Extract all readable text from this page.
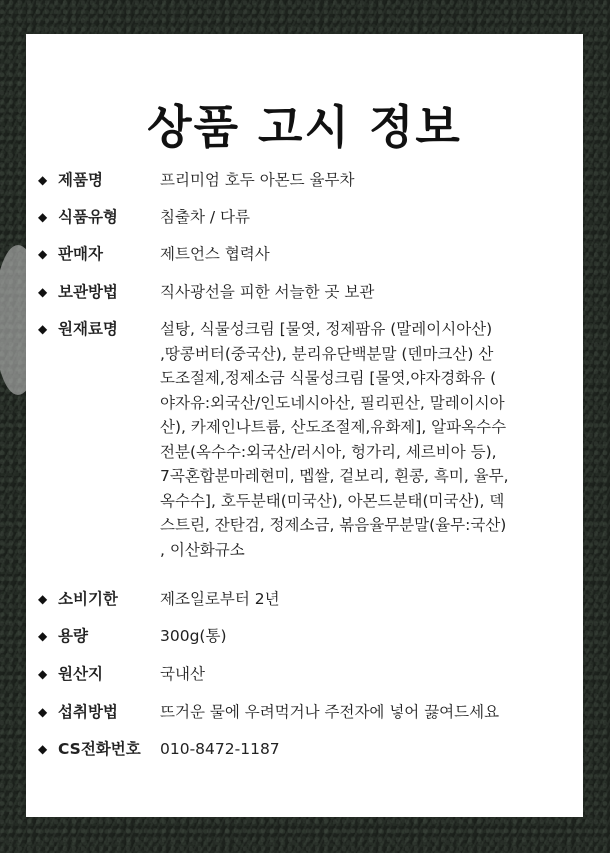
상품 고시 정보
◆ 제품명	프리미엄 호두 아몬드 율무차
◆ 식품유형	침출차 / 다류
◆ 판매자	제트언스 협력사
◆ 보관방법	직사광선을 피한 서늘한 곳 보관
◆ 원재료명	설탕, 식물성크림 [물엿, 정제팜유 (말레이시아산)
,땅콩버터(중국산), 분리유단백분말 (덴마크산) 산
도조절제,정제소금 식물성크림 [물엿,야자경화유 (
야자유:외국산/인도네시아산, 필리핀산, 말레이시아
산), 카제인나트륨, 산도조절제,유화제], 알파옥수수
전분(옥수수:외국산/러시아, 헝가리, 세르비아 등),
7곡혼합분마레현미, 멥쌀, 겉보리, 흰콩, 흑미, 율무,
옥수수], 호두분태(미국산), 아몬드분태(미국산), 덱
스트린, 잔탄검, 정제소금, 볶음율무분말(율무:국산)
, 이산화규소
◆ 소비기한	제조일로부터 2년
◆ 용량	300g(통)
◆ 원산지	국내산
◆ 섭취방법	뜨거운 물에 우려먹거나 주전자에 넣어 끓여드세요
◆ CS전화번호	010-8472-1187
